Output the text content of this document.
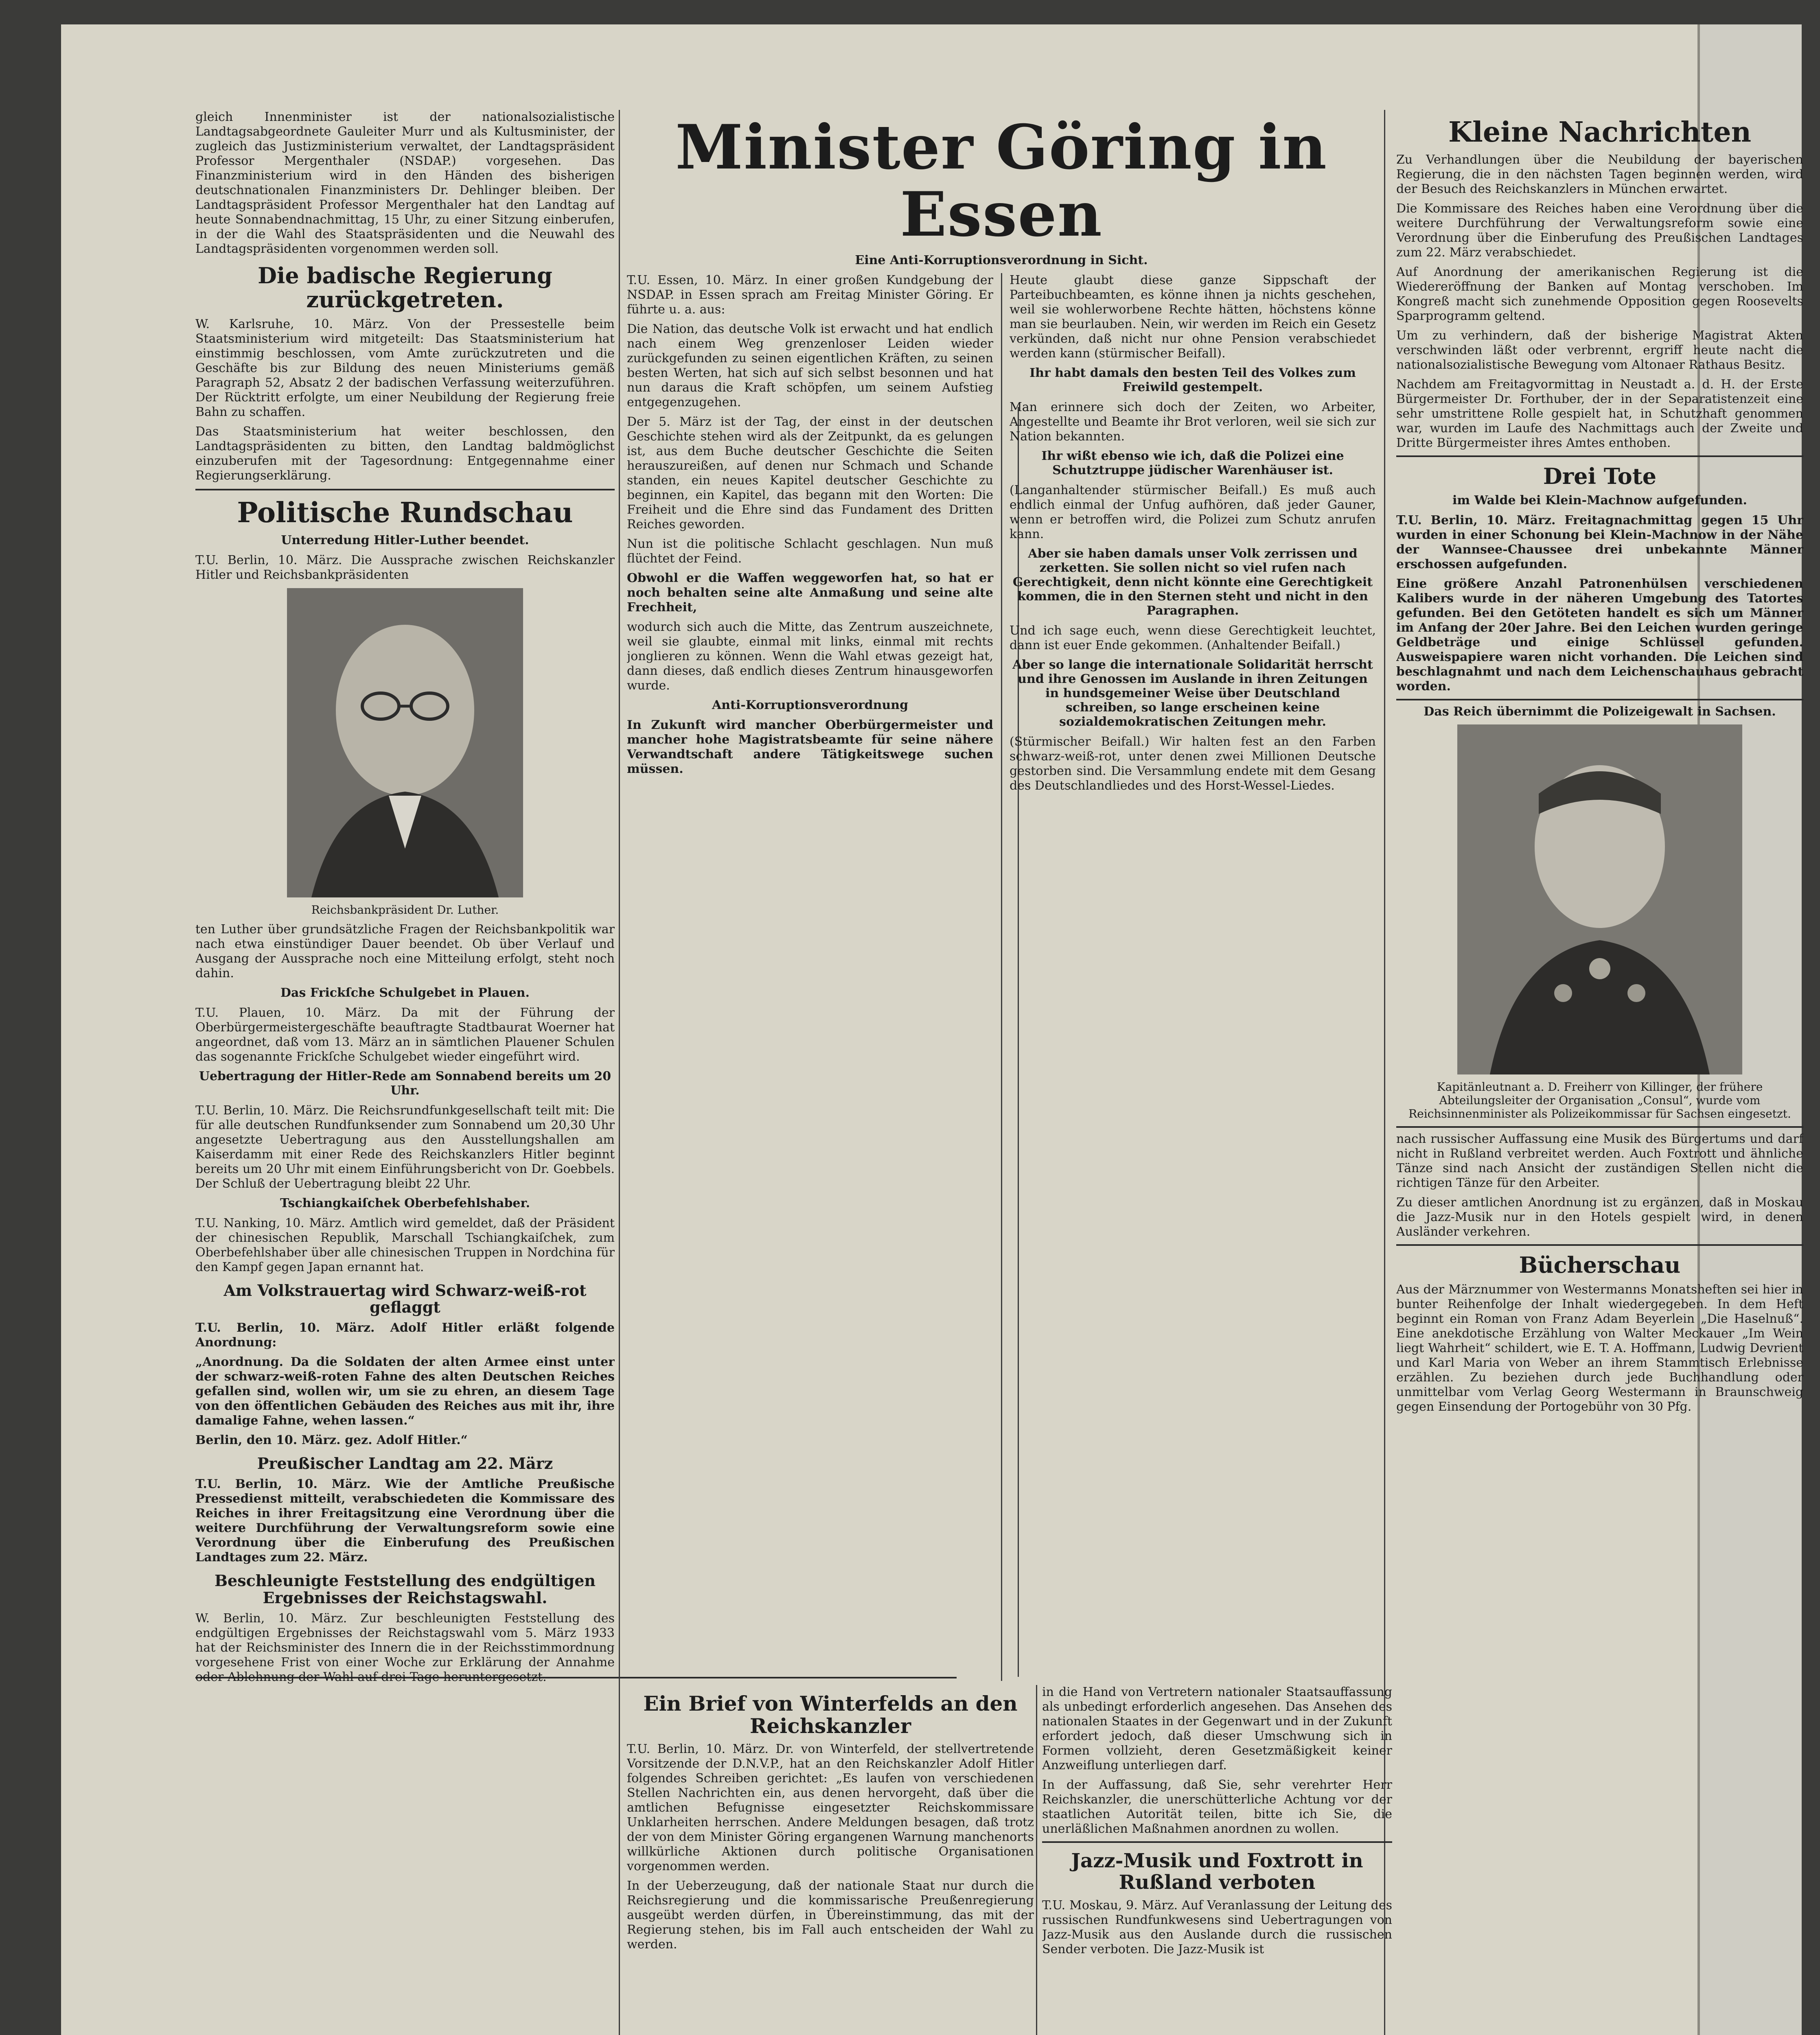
gleich Innenminister ist der nationalsozialistische Landtagsabgeordnete Gauleiter Murr und als Kultusminister, der zugleich das Justizministerium verwaltet, der Landtagspräsident Professor Mergenthaler (NSDAP.) vorgesehen. Das Finanzministerium wird in den Händen des bisherigen deutschnationalen Finanzministers Dr. Dehlinger bleiben. Der Landtagspräsident Professor Mergenthaler hat den Landtag auf heute Sonnabendnachmittag, 15 Uhr, zu einer Sitzung einberufen, in der die Wahl des Staatspräsidenten und die Neuwahl des Landtagspräsidenten vorgenommen werden soll.

Die badische Regierung zurückgetreten.

W. Karlsruhe, 10. März. Von der Pressestelle beim Staatsministerium wird mitgeteilt: Das Staatsministerium hat einstimmig beschlossen, vom Amte zurückzutreten und die Geschäfte bis zur Bildung des neuen Ministeriums gemäß Paragraph 52, Absatz 2 der badischen Verfassung weiterzuführen. Der Rücktritt erfolgte, um einer Neubildung der Regierung freie Bahn zu schaffen.

Das Staatsministerium hat weiter beschlossen, den Landtagspräsidenten zu bitten, den Landtag baldmöglichst einzuberufen mit der Tagesordnung: Entgegennahme einer Regierungserklärung.

Politische Rundschau
Unterredung Hitler-Luther beendet.

T.U. Berlin, 10. März. Die Aussprache zwischen Reichskanzler Hitler und Reichsbankpräsidenten

Reichsbankpräsident Dr. Luther.

ten Luther über grundsätzliche Fragen der Reichsbankpolitik war nach etwa einstündiger Dauer beendet. Ob über Verlauf und Ausgang der Aussprache noch eine Mitteilung erfolgt, steht noch dahin.

Das Frickſche Schulgebet in Plauen.

T.U. Plauen, 10. März. Da mit der Führung der Oberbürgermeistergeschäfte beauftragte Stadtbaurat Woerner hat angeordnet, daß vom 13. März an in sämtlichen Plauener Schulen das sogenannte Frickſche Schulgebet wieder eingeführt wird.

Uebertragung der Hitler-Rede am Sonnabend bereits um 20 Uhr.

T.U. Berlin, 10. März. Die Reichsrundfunkgesellschaft teilt mit: Die für alle deutschen Rundfunksender zum Sonnabend um 20,30 Uhr angesetzte Uebertragung aus den Ausstellungshallen am Kaiserdamm mit einer Rede des Reichskanzlers Hitler beginnt bereits um 20 Uhr mit einem Einführungsbericht von Dr. Goebbels. Der Schluß der Uebertragung bleibt 22 Uhr.

Tschiangkaiſchek Oberbefehlshaber.

T.U. Nanking, 10. März. Amtlich wird gemeldet, daß der Präsident der chinesischen Republik, Marschall Tschiangkaiſchek, zum Oberbefehlshaber über alle chinesischen Truppen in Nordchina für den Kampf gegen Japan ernannt hat.

Am Volkstrauertag wird Schwarz-weiß-rot geflaggt

T.U. Berlin, 10. März. Adolf Hitler erläßt folgende Anordnung:

„Anordnung. Da die Soldaten der alten Armee einst unter der schwarz-weiß-roten Fahne des alten Deutschen Reiches gefallen sind, wollen wir, um sie zu ehren, an diesem Tage von den öffentlichen Gebäuden des Reiches aus mit ihr, ihre damalige Fahne, wehen lassen.“

Berlin, den 10. März. gez. Adolf Hitler.“

Preußischer Landtag am 22. März

T.U. Berlin, 10. März. Wie der Amtliche Preußische Pressedienst mitteilt, verabschiedeten die Kommissare des Reiches in ihrer Freitagsitzung eine Verordnung über die weitere Durchführung der Verwaltungsreform sowie eine Verordnung über die Einberufung des Preußischen Landtages zum 22. März.

Beschleunigte Feststellung des endgültigen Ergebnisses der Reichstagswahl.

W. Berlin, 10. März. Zur beschleunigten Feststellung des endgültigen Ergebnisses der Reichstagswahl vom 5. März 1933 hat der Reichsminister des Innern die in der Reichsstimmordnung vorgesehene Frist von einer Woche zur Erklärung der Annahme oder Ablehnung der Wahl auf drei Tage heruntergesetzt.

Minister Göring in Essen
Eine Anti-Korruptionsverordnung in Sicht.

T.U. Essen, 10. März. In einer großen Kundgebung der NSDAP. in Essen sprach am Freitag Minister Göring. Er führte u. a. aus:

Die Nation, das deutsche Volk ist erwacht und hat endlich nach einem Weg grenzenloser Leiden wieder zurückgefunden zu seinen eigentlichen Kräften, zu seinen besten Werten, hat sich auf sich selbst besonnen und hat nun daraus die Kraft schöpfen, um seinem Aufstieg entgegenzugehen.

Der 5. März ist der Tag, der einst in der deutschen Geschichte stehen wird als der Zeitpunkt, da es gelungen ist, aus dem Buche deutscher Geschichte die Seiten herauszureißen, auf denen nur Schmach und Schande standen, ein neues Kapitel deutscher Geschichte zu beginnen, ein Kapitel, das begann mit den Worten: Die Freiheit und die Ehre sind das Fundament des Dritten Reiches geworden.

Nun ist die politische Schlacht geschlagen. Nun muß flüchtet der Feind.

Obwohl er die Waffen weggeworfen hat, so hat er noch behalten seine alte Anmaßung und seine alte Frechheit,

wodurch sich auch die Mitte, das Zentrum auszeichnete, weil sie glaubte, einmal mit links, einmal mit rechts jonglieren zu können. Wenn die Wahl etwas gezeigt hat, dann dieses, daß endlich dieses Zentrum hinausgeworfen wurde.

Anti-Korruptionsverordnung

In Zukunft wird mancher Oberbürgermeister und mancher hohe Magistratsbeamte für seine nähere Verwandtschaft andere Tätigkeitswege suchen müssen.

Heute glaubt diese ganze Sippschaft der Parteibuchbeamten, es könne ihnen ja nichts geschehen, weil sie wohlerworbene Rechte hätten, höchstens könne man sie beurlauben. Nein, wir werden im Reich ein Gesetz verkünden, daß nicht nur ohne Pension verabschiedet werden kann (stürmischer Beifall).

Ihr habt damals den besten Teil des Volkes zum Freiwild gestempelt.

Man erinnere sich doch der Zeiten, wo Arbeiter, Angestellte und Beamte ihr Brot verloren, weil sie sich zur Nation bekannten.

Ihr wißt ebenso wie ich, daß die Polizei eine Schutztruppe jüdischer Warenhäuser ist.

(Langanhaltender stürmischer Beifall.) Es muß auch endlich einmal der Unfug aufhören, daß jeder Gauner, wenn er betroffen wird, die Polizei zum Schutz anrufen kann.

Aber sie haben damals unser Volk zerrissen und zerketten. Sie sollen nicht so viel rufen nach Gerechtigkeit, denn nicht könnte eine Gerechtigkeit kommen, die in den Sternen steht und nicht in den Paragraphen.

Und ich sage euch, wenn diese Gerechtigkeit leuchtet, dann ist euer Ende gekommen. (Anhaltender Beifall.)

Aber so lange die internationale Solidarität herrscht und ihre Genossen im Auslande in ihren Zeitungen in hundsgemeiner Weise über Deutschland schreiben, so lange erscheinen keine sozialdemokratischen Zeitungen mehr.

(Stürmischer Beifall.) Wir halten fest an den Farben schwarz-weiß-rot, unter denen zwei Millionen Deutsche gestorben sind. Die Versammlung endete mit dem Gesang des Deutschlandliedes und des Horst-Wessel-Liedes.

Ein Brief von Winterfelds an den Reichskanzler

T.U. Berlin, 10. März. Dr. von Winterfeld, der stellvertretende Vorsitzende der D.N.V.P., hat an den Reichskanzler Adolf Hitler folgendes Schreiben gerichtet: „Es laufen von verschiedenen Stellen Nachrichten ein, aus denen hervorgeht, daß über die amtlichen Befugnisse eingesetzter Reichskommissare Unklarheiten herrschen. Andere Meldungen besagen, daß trotz der von dem Minister Göring ergangenen Warnung manchenorts willkürliche Aktionen durch politische Organisationen vorgenommen werden.

In der Ueberzeugung, daß der nationale Staat nur durch die Reichsregierung und die kommissarische Preußenregierung ausgeübt werden dürfen, in Übereinstimmung, das mit der Regierung stehen, bis im Fall auch entscheiden der Wahl zu werden.

in die Hand von Vertretern nationaler Staatsauffassung als unbedingt erforderlich angesehen. Das Ansehen des nationalen Staates in der Gegenwart und in der Zukunft erfordert jedoch, daß dieser Umschwung sich in Formen vollzieht, deren Gesetzmäßigkeit keiner Anzweiflung unterliegen darf.

In der Auffassung, daß Sie, sehr verehrter Herr Reichskanzler, die unerschütterliche Achtung vor der staatlichen Autorität teilen, bitte ich Sie, die unerläßlichen Maßnahmen anordnen zu wollen.

Jazz-Musik und Foxtrott in Rußland verboten

T.U. Moskau, 9. März. Auf Veranlassung der Leitung des russischen Rundfunkwesens sind Uebertragungen von Jazz-Musik aus den Auslande durch die russischen Sender verboten. Die Jazz-Musik ist

Kleine Nachrichten

Zu Verhandlungen über die Neubildung der bayerischen Regierung, die in den nächsten Tagen beginnen werden, wird der Besuch des Reichskanzlers in München erwartet.

Die Kommissare des Reiches haben eine Verordnung über die weitere Durchführung der Verwaltungsreform sowie eine Verordnung über die Einberufung des Preußischen Landtages zum 22. März verabschiedet.

Auf Anordnung der amerikanischen Regierung ist die Wiedereröffnung der Banken auf Montag verschoben. Im Kongreß macht sich zunehmende Opposition gegen Roosevelts Sparprogramm geltend.

Um zu verhindern, daß der bisherige Magistrat Akten verschwinden läßt oder verbrennt, ergriff heute nacht die nationalsozialistische Bewegung vom Altonaer Rathaus Besitz.

Nachdem am Freitagvormittag in Neustadt a. d. H. der Erste Bürgermeister Dr. Forthuber, der in der Separatistenzeit eine sehr umstrittene Rolle gespielt hat, in Schutzhaft genommen war, wurden im Laufe des Nachmittags auch der Zweite und Dritte Bürgermeister ihres Amtes enthoben.

Drei Tote
im Walde bei Klein-Machnow aufgefunden.

T.U. Berlin, 10. März. Freitagnachmittag gegen 15 Uhr wurden in einer Schonung bei Klein-Machnow in der Nähe der Wannsee-Chaussee drei unbekannte Männer erschossen aufgefunden.

Eine größere Anzahl Patronenhülsen verschiedenen Kalibers wurde in der näheren Umgebung des Tatortes gefunden. Bei den Getöteten handelt es sich um Männer im Anfang der 20er Jahre. Bei den Leichen wurden geringe Geldbeträge und einige Schlüssel gefunden. Ausweispapiere waren nicht vorhanden. Die Leichen sind beschlagnahmt und nach dem Leichenschauhaus gebracht worden.

Das Reich übernimmt die Polizeigewalt in Sachsen.
Kapitänleutnant a. D. Freiherr von Killinger, der frühere Abteilungsleiter der Organisation „Consul“, wurde vom Reichsinnenminister als Polizeikommissar für Sachsen eingesetzt.

nach russischer Auffassung eine Musik des Bürgertums und darf nicht in Rußland verbreitet werden. Auch Foxtrott und ähnliche Tänze sind nach Ansicht der zuständigen Stellen nicht die richtigen Tänze für den Arbeiter.

Zu dieser amtlichen Anordnung ist zu ergänzen, daß in Moskau die Jazz-Musik nur in den Hotels gespielt wird, in denen Ausländer verkehren.

Bücherschau

Aus der Märznummer von Westermanns Monatsheften sei hier in bunter Reihenfolge der Inhalt wiedergegeben. In dem Heft beginnt ein Roman von Franz Adam Beyerlein „Die Haselnuß“. Eine anekdotische Erzählung von Walter Meckauer „Im Wein liegt Wahrheit“ schildert, wie E. T. A. Hoffmann, Ludwig Devrient und Karl Maria von Weber an ihrem Stammtisch Erlebnisse erzählen. Zu beziehen durch jede Buchhandlung oder unmittelbar vom Verlag Georg Westermann in Braunschweig gegen Einsendung der Portogebühr von 30 Pfg.
